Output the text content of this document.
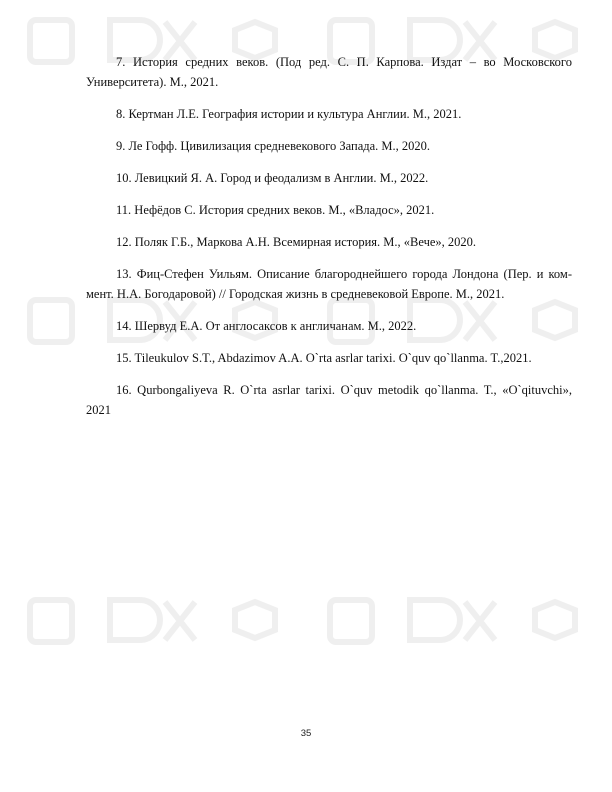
7. История средних веков. (Под ред. С. П. Карпова. Издат – во Московского Университета). М., 2021.

8. Кертман Л.Е. География истории и культура Англии. М., 2021.

9. Ле Гофф. Цивилизация средневекового Запада. М., 2020.

10. Левицкий Я. А. Город и феодализм в Англии. М., 2022.

11. Нефёдов С. История средних веков. М., «Владос», 2021.

12. Поляк Г.Б., Маркова А.Н. Всемирная история. М., «Вече», 2020.

13. Фиц-Стефен Уильям. Описание благороднейшего города Лондона (Пер. и ком-мент. Н.А. Богодаровой) // Городская жизнь в средневековой Европе. М., 2021.

14. Шервуд Е.А. От англосаксов к англичанам. М., 2022.

15. Tileukulov S.T., Abdazimov A.A. O`rta asrlar tarixi. O`quv qo`llanma. T.,2021.

16. Qurbongaliyeva R. O`rta asrlar tarixi. O`quv metodik qo`llanma. T., «O`qituvchi», 2021

35
